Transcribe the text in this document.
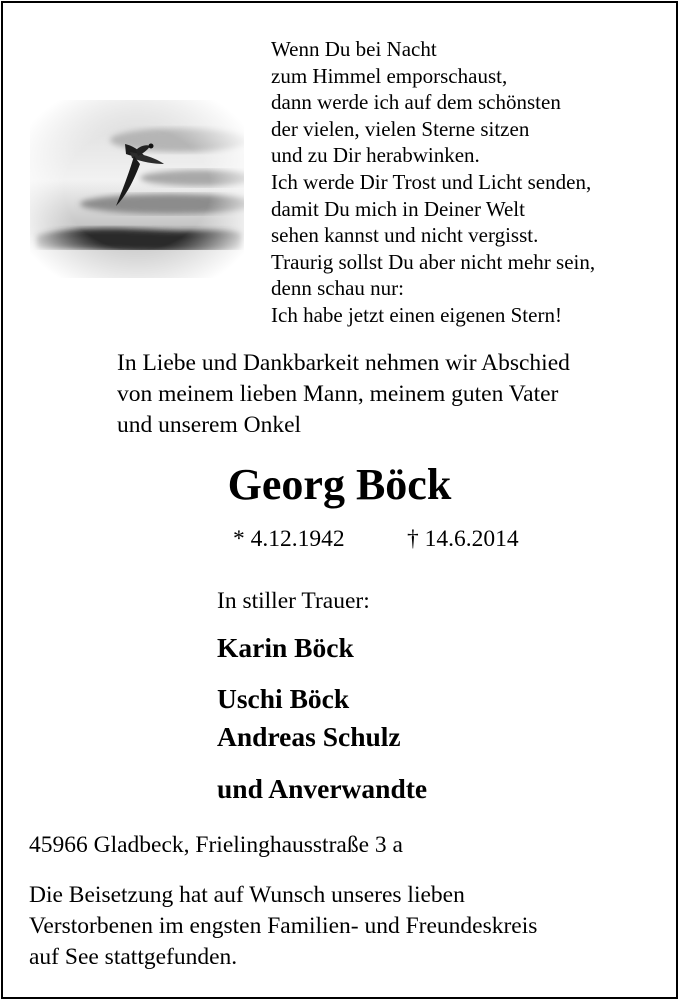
Wenn Du bei Nacht
zum Himmel emporschaust,
dann werde ich auf dem schönsten
der vielen, vielen Sterne sitzen
und zu Dir herabwinken.
Ich werde Dir Trost und Licht senden,
damit Du mich in Deiner Welt
sehen kannst und nicht vergisst.
Traurig sollst Du aber nicht mehr sein,
denn schau nur:
Ich habe jetzt einen eigenen Stern!
In Liebe und Dankbarkeit nehmen wir Abschied
von meinem lieben Mann, meinem guten Vater
und unserem Onkel
Georg Böck
* 4.12.1942	† 14.6.2014
In stiller Trauer:
Karin Böck
Uschi Böck
Andreas Schulz
und Anverwandte
45966 Gladbeck, Frielinghausstraße 3 a
Die Beisetzung hat auf Wunsch unseres lieben
Verstorbenen im engsten Familien- und Freundeskreis
auf See stattgefunden.
